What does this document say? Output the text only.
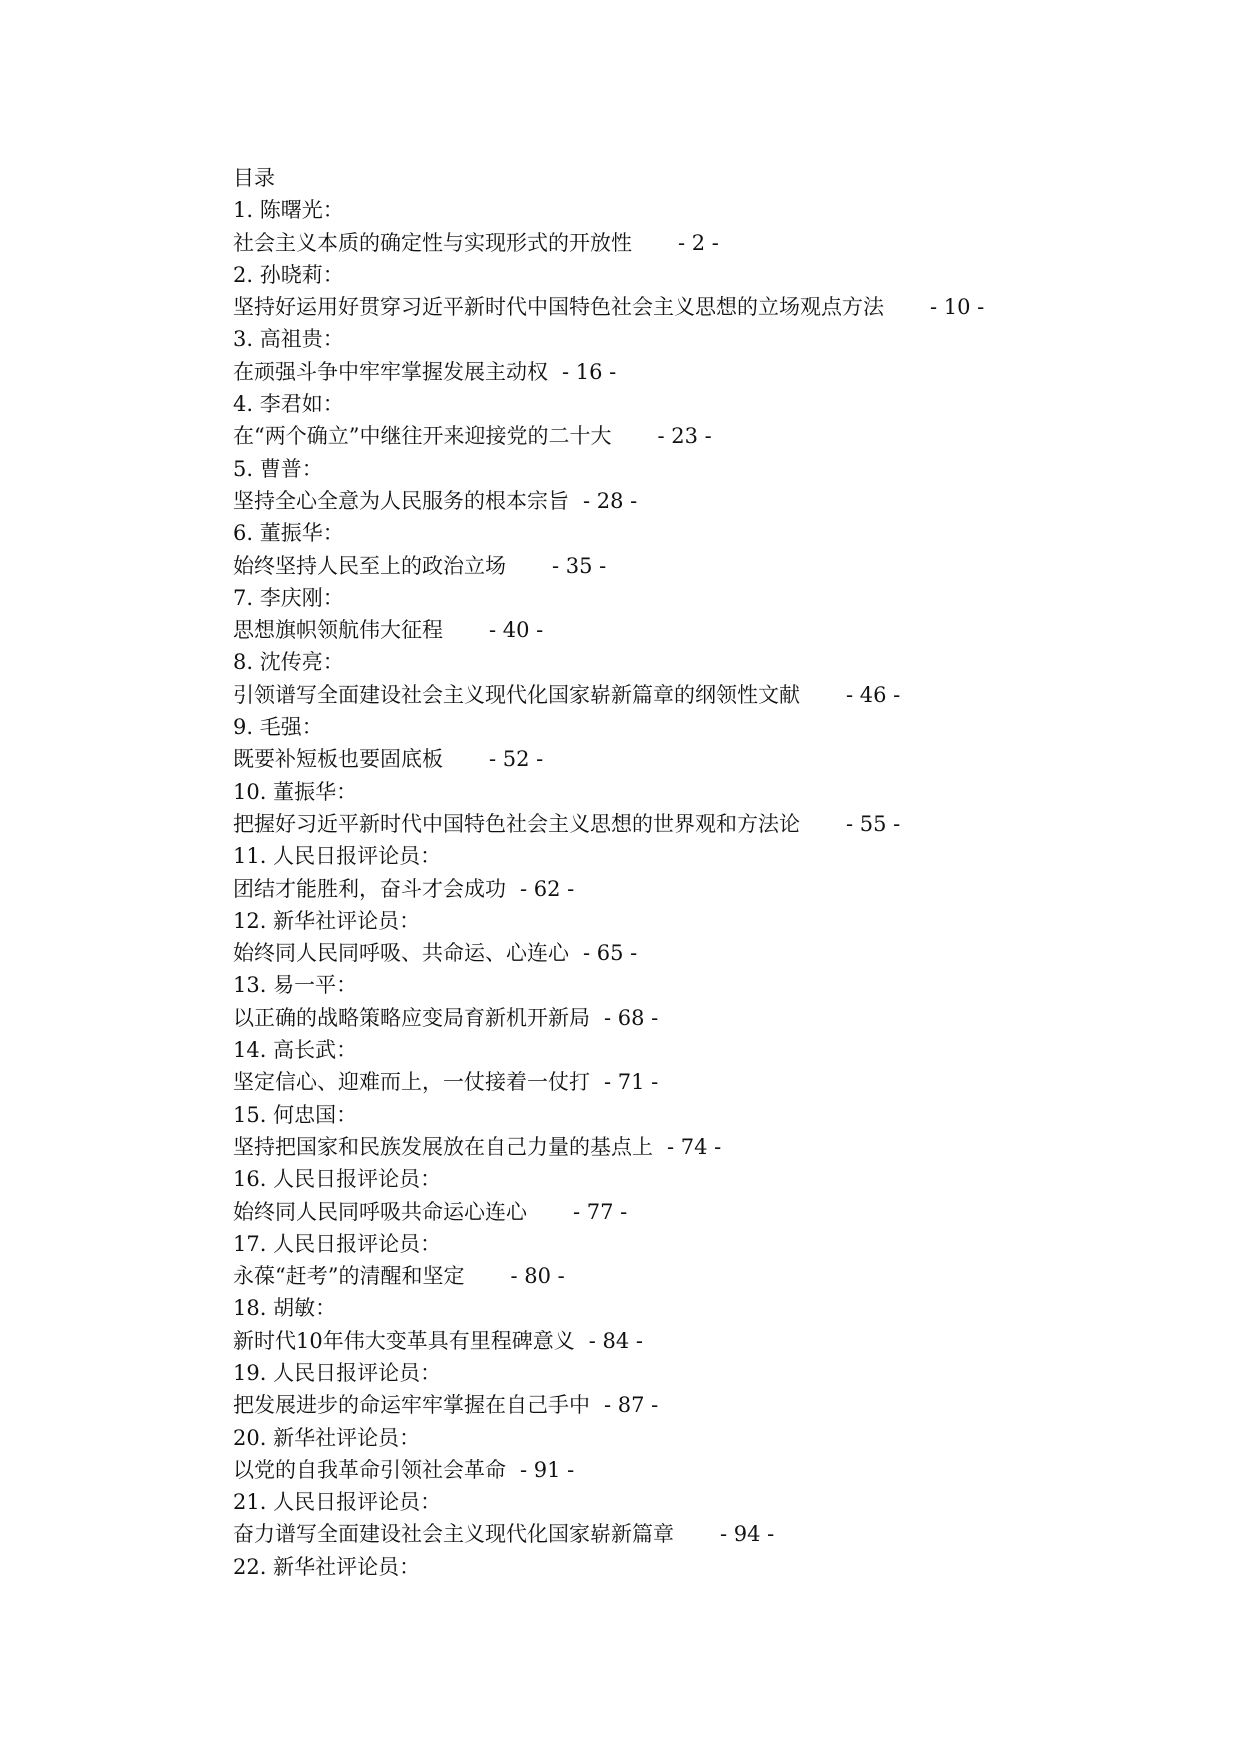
目录
1. 陈曙光：
社会主义本质的确定性与实现形式的开放性 - 2 -
2. 孙晓莉：
坚持好运用好贯穿习近平新时代中国特色社会主义思想的立场观点方法 - 10 -
3. 高祖贵：
在顽强斗争中牢牢掌握发展主动权 - 16 -
4. 李君如：
在“两个确立”中继往开来迎接党的二十大 - 23 -
5. 曹普：
坚持全心全意为人民服务的根本宗旨 - 28 -
6. 董振华：
始终坚持人民至上的政治立场 - 35 -
7. 李庆刚：
思想旗帜领航伟大征程 - 40 -
8. 沈传亮：
引领谱写全面建设社会主义现代化国家崭新篇章的纲领性文献 - 46 -
9. 毛强：
既要补短板也要固底板 - 52 -
10. 董振华：
把握好习近平新时代中国特色社会主义思想的世界观和方法论 - 55 -
11. 人民日报评论员：
团结才能胜利，奋斗才会成功 - 62 -
12. 新华社评论员：
始终同人民同呼吸、共命运、心连心 - 65 -
13. 易一平：
以正确的战略策略应变局育新机开新局 - 68 -
14. 高长武：
坚定信心、迎难而上，一仗接着一仗打 - 71 -
15. 何忠国：
坚持把国家和民族发展放在自己力量的基点上 - 74 -
16. 人民日报评论员：
始终同人民同呼吸共命运心连心 - 77 -
17. 人民日报评论员：
永葆“赶考”的清醒和坚定 - 80 -
18. 胡敏：
新时代10年伟大变革具有里程碑意义 - 84 -
19. 人民日报评论员：
把发展进步的命运牢牢掌握在自己手中 - 87 -
20. 新华社评论员：
以党的自我革命引领社会革命 - 91 -
21. 人民日报评论员：
奋力谱写全面建设社会主义现代化国家崭新篇章 - 94 -
22. 新华社评论员：
